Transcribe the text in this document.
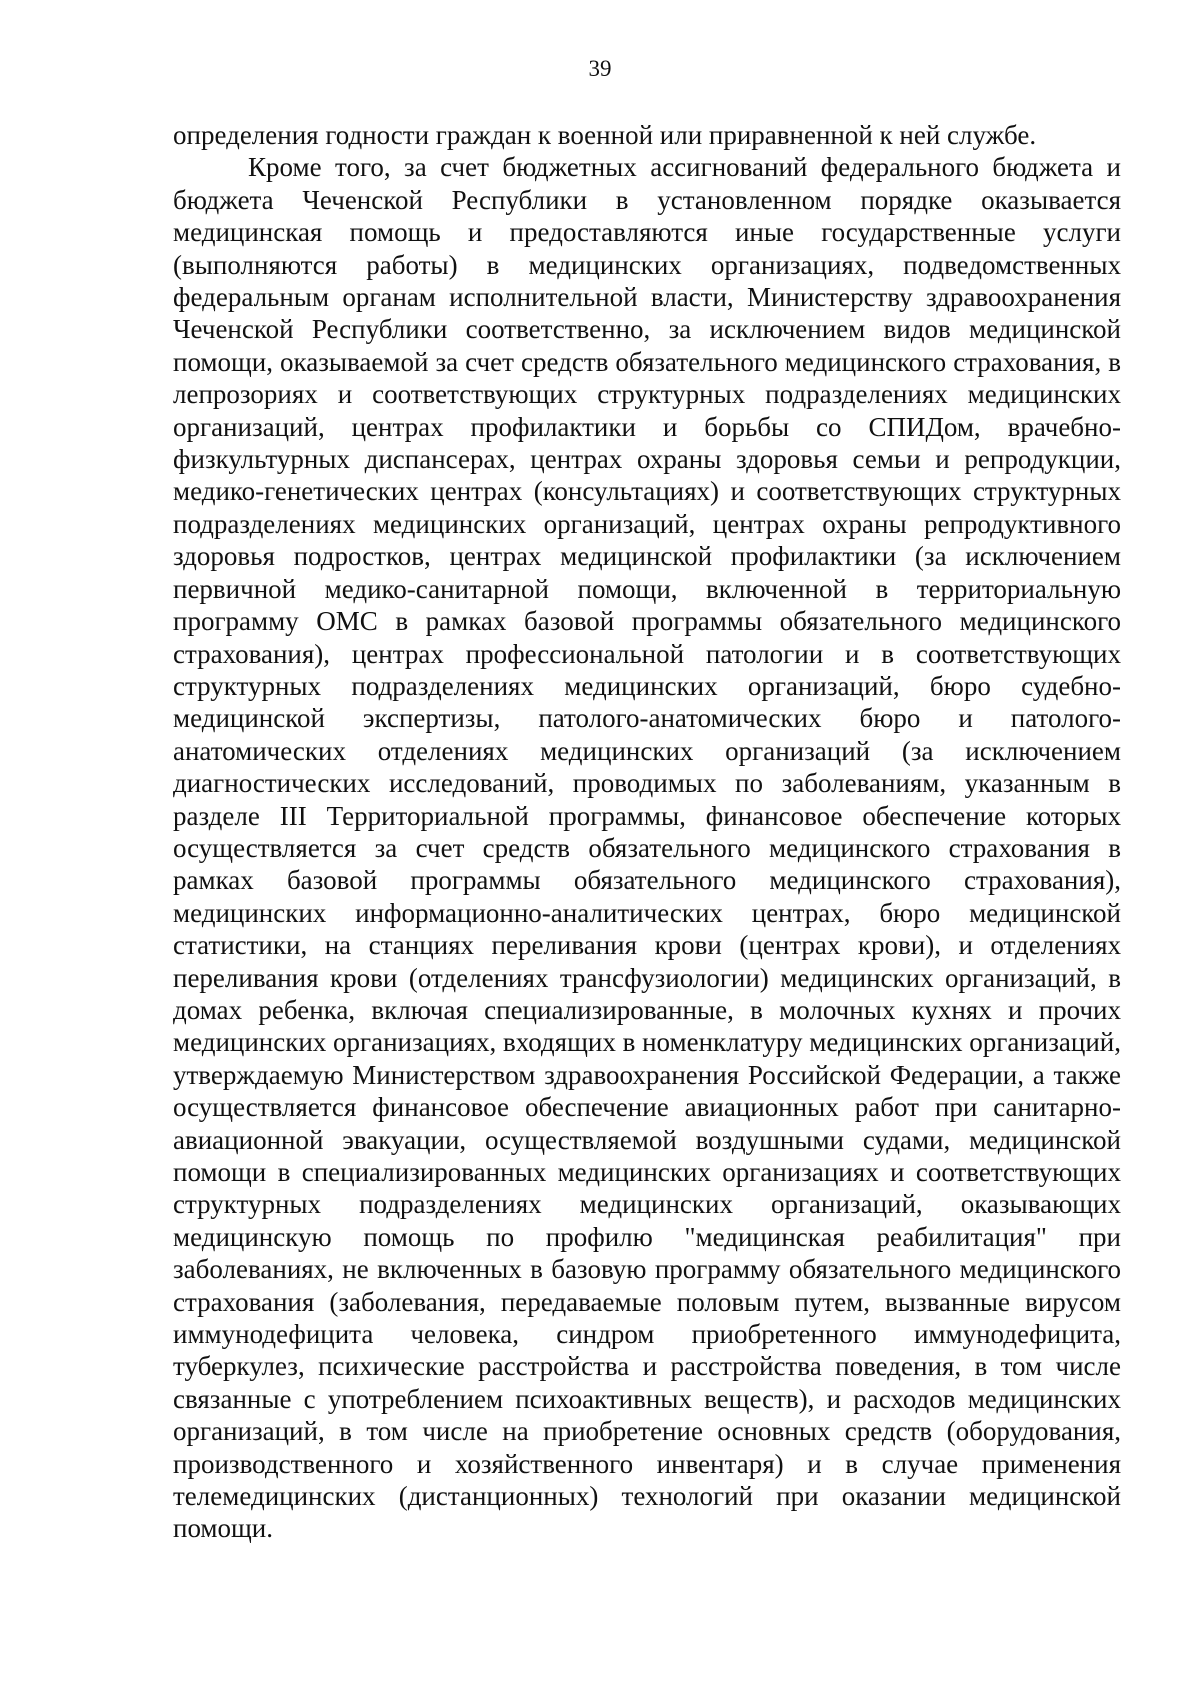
39

определения годности граждан к военной или приравненной к ней службе.

Кроме того, за счет бюджетных ассигнований федерального бюджета и бюджета Чеченской Республики в установленном порядке оказывается медицинская помощь и предоставляются иные государственные услуги (выполняются работы) в медицинских организациях, подведомственных федеральным органам исполнительной власти, Министерству здравоохранения Чеченской Республики соответственно, за исключением видов медицинской помощи, оказываемой за счет средств обязательного медицинского страхования, в лепрозориях и соответствующих структурных подразделениях медицинских организаций, центрах профилактики и борьбы со СПИДом, врачебно-физкультурных диспансерах, центрах охраны здоровья семьи и репродукции, медико-генетических центрах (консультациях) и соответствующих структурных подразделениях медицинских организаций, центрах охраны репродуктивного здоровья подростков, центрах медицинской профилактики (за исключением первичной медико-санитарной помощи, включенной в территориальную программу ОМС в рамках базовой программы обязательного медицинского страхования), центрах профессиональной патологии и в соответствующих структурных подразделениях медицинских организаций, бюро судебно-медицинской экспертизы, патолого-анатомических бюро и патолого-анатомических отделениях медицинских организаций (за исключением диагностических исследований, проводимых по заболеваниям, указанным в разделе III Территориальной программы, финансовое обеспечение которых осуществляется за счет средств обязательного медицинского страхования в рамках базовой программы обязательного медицинского страхования), медицинских информационно-аналитических центрах, бюро медицинской статистики, на станциях переливания крови (центрах крови), и отделениях переливания крови (отделениях трансфузиологии) медицинских организаций, в домах ребенка, включая специализированные, в молочных кухнях и прочих медицинских организациях, входящих в номенклатуру медицинских организаций, утверждаемую Министерством здравоохранения Российской Федерации, а также осуществляется финансовое обеспечение авиационных работ при санитарно-авиационной эвакуации, осуществляемой воздушными судами, медицинской помощи в специализированных медицинских организациях и соответствующих структурных подразделениях медицинских организаций, оказывающих медицинскую помощь по профилю "медицинская реабилитация" при заболеваниях, не включенных в базовую программу обязательного медицинского страхования (заболевания, передаваемые половым путем, вызванные вирусом иммунодефицита человека, синдром приобретенного иммунодефицита, туберкулез, психические расстройства и расстройства поведения, в том числе связанные с употреблением психоактивных веществ), и расходов медицинских организаций, в том числе на приобретение основных средств (оборудования, производственного и хозяйственного инвентаря) и в случае применения телемедицинских (дистанционных) технологий при оказании медицинской помощи.
